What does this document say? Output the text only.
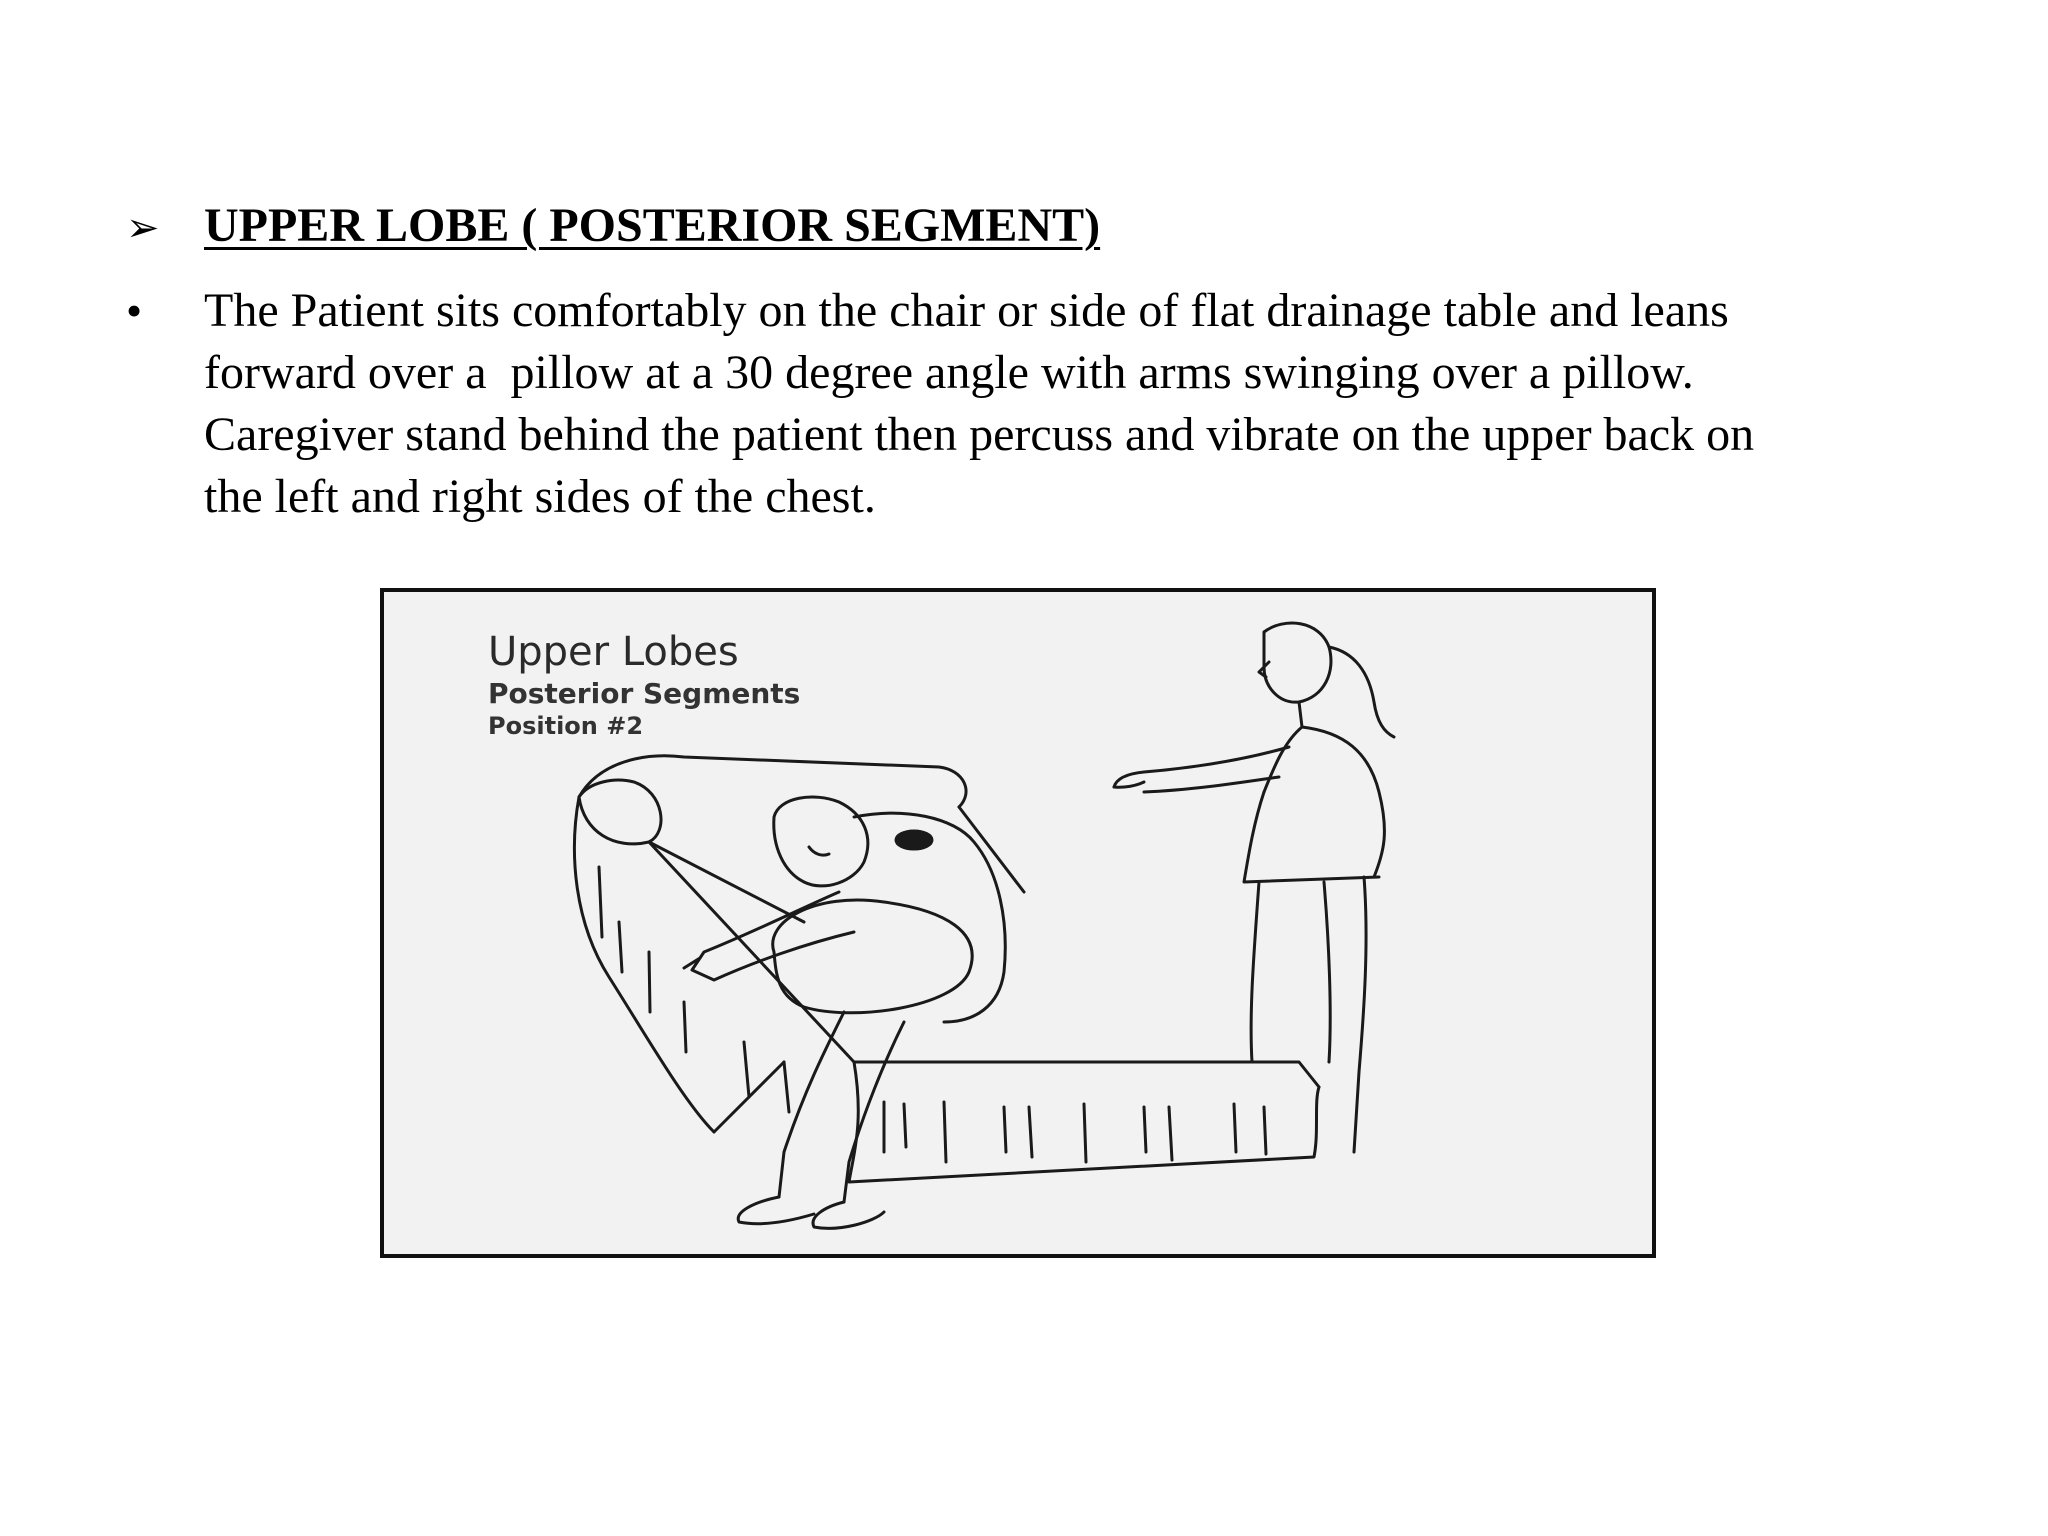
➢ UPPER LOBE ( POSTERIOR SEGMENT)
•	The Patient sits comfortably on the chair or side of flat drainage table and leans
forward over a  pillow at a 30 degree angle with arms swinging over a pillow.
Caregiver stand behind the patient then percuss and vibrate on the upper back on
the left and right sides of the chest.
Upper Lobes
Posterior Segments
Position #2
